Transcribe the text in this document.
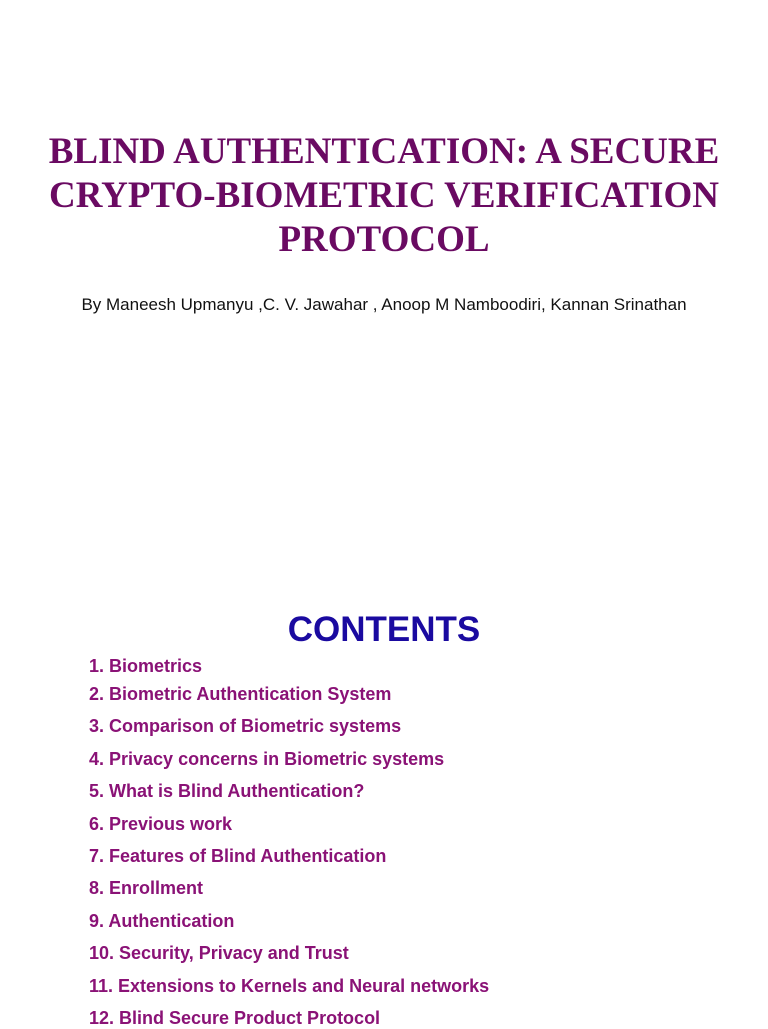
BLIND AUTHENTICATION: A SECURE
CRYPTO-BIOMETRIC VERIFICATION
PROTOCOL

By Maneesh Upmanyu ,C. V. Jawahar , Anoop M Namboodiri, Kannan Srinathan

CONTENTS

1. Biometrics

2. Biometric Authentication System

3. Comparison of Biometric systems

4. Privacy concerns in Biometric systems

5. What is Blind Authentication?

6. Previous work

7. Features of Blind Authentication

8. Enrollment

9. Authentication

10. Security, Privacy and Trust

11. Extensions to Kernels and Neural networks

12. Blind Secure Product Protocol
